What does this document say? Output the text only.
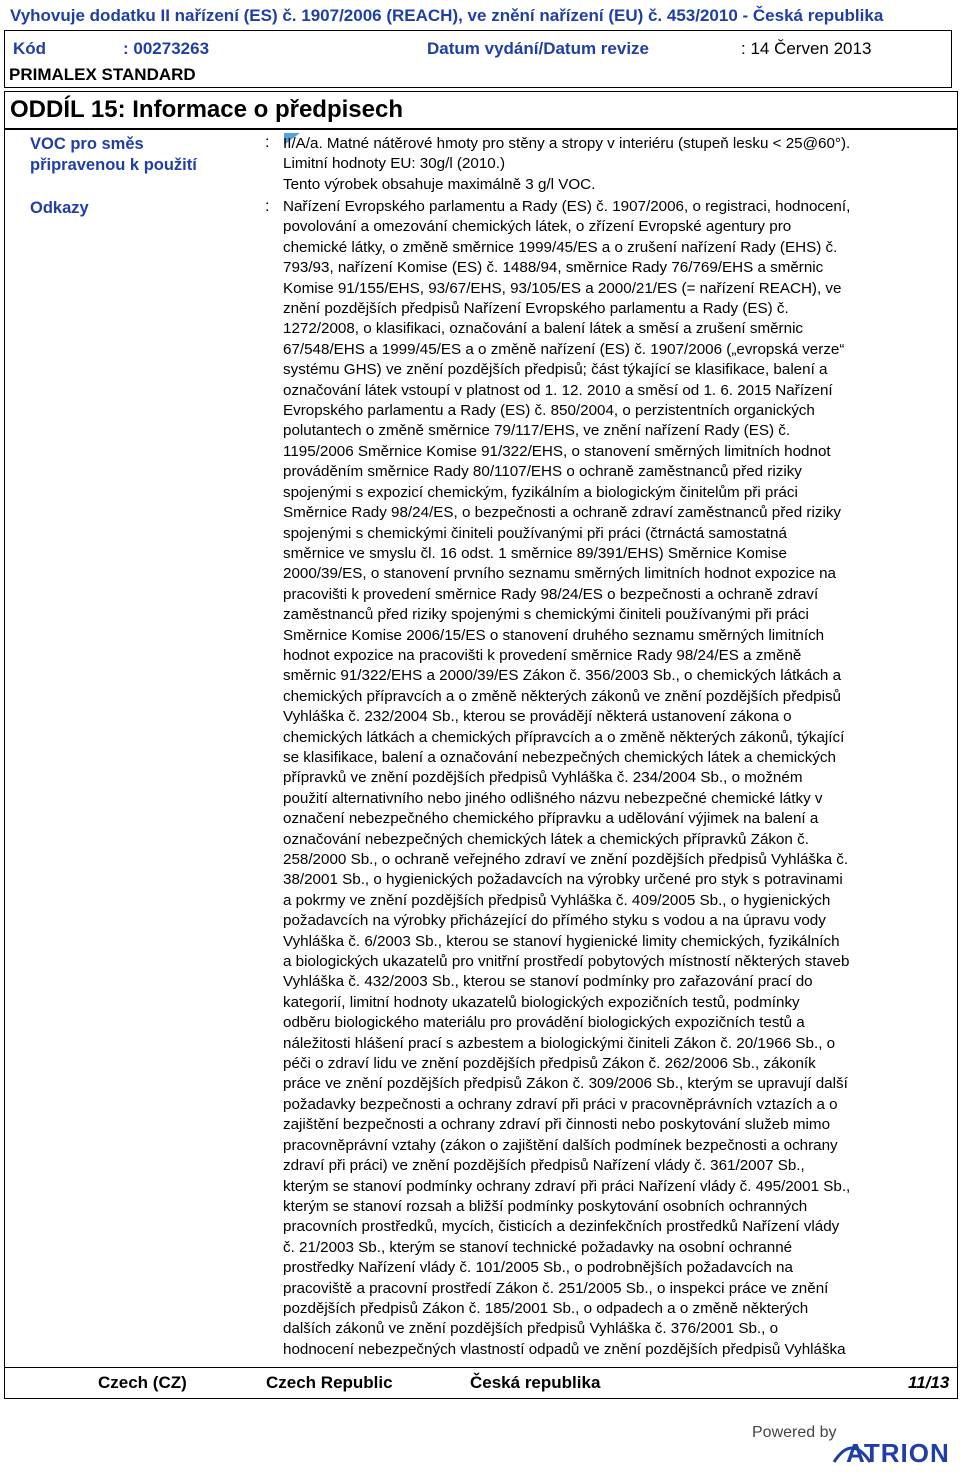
Vyhovuje dodatku II nařízení (ES) č. 1907/2006 (REACH), ve znění nařízení (EU) č. 453/2010 - Česká republika
Kód	: 00273263	Datum vydání/Datum revize	: 14 Červen 2013
PRIMALEX STANDARD
ODDÍL 15: Informace o předpisech
VOC pro směs
připravenou k použití
: II/A/a. Matné nátěrové hmoty pro stěny a stropy v interiéru (stupeň lesku < 25@60°).
Limitní hodnoty EU: 30g/l (2010.)
Tento výrobek obsahuje maximálně 3 g/l VOC.
Odkazy	: Nařízení Evropského parlamentu a Rady (ES) č. 1907/2006, o registraci, hodnocení,
povolování a omezování chemických látek, o zřízení Evropské agentury pro
chemické látky, o změně směrnice 1999/45/ES a o zrušení nařízení Rady (EHS) č.
793/93, nařízení Komise (ES) č. 1488/94, směrnice Rady 76/769/EHS a směrnic
Komise 91/155/EHS, 93/67/EHS, 93/105/ES a 2000/21/ES (= nařízení REACH), ve
znění pozdějších předpisů Nařízení Evropského parlamentu a Rady (ES) č.
1272/2008, o klasifikaci, označování a balení látek a směsí a zrušení směrnic
67/548/EHS a 1999/45/ES a o změně nařízení (ES) č. 1907/2006 („evropská verze“
systému GHS) ve znění pozdějších předpisů; část týkající se klasifikace, balení a
označování látek vstoupí v platnost od 1. 12. 2010 a směsí od 1. 6. 2015 Nařízení
Evropského parlamentu a Rady (ES) č. 850/2004, o perzistentních organických
polutantech o změně směrnice 79/117/EHS, ve znění nařízení Rady (ES) č.
1195/2006 Směrnice Komise 91/322/EHS, o stanovení směrných limitních hodnot
prováděním směrnice Rady 80/1107/EHS o ochraně zaměstnanců před riziky
spojenými s expozicí chemickým, fyzikálním a biologickým činitelům při práci
Směrnice Rady 98/24/ES, o bezpečnosti a ochraně zdraví zaměstnanců před riziky
spojenými s chemickými činiteli používanými při práci (čtrnáctá samostatná
směrnice ve smyslu čl. 16 odst. 1 směrnice 89/391/EHS) Směrnice Komise
2000/39/ES, o stanovení prvního seznamu směrných limitních hodnot expozice na
pracovišti k provedení směrnice Rady 98/24/ES o bezpečnosti a ochraně zdraví
zaměstnanců před riziky spojenými s chemickými činiteli používanými při práci
Směrnice Komise 2006/15/ES o stanovení druhého seznamu směrných limitních
hodnot expozice na pracovišti k provedení směrnice Rady 98/24/ES a změně
směrnic 91/322/EHS a 2000/39/ES Zákon č. 356/2003 Sb., o chemických látkách a
chemických přípravcích a o změně některých zákonů ve znění pozdějších předpisů
Vyhláška č. 232/2004 Sb., kterou se provádějí některá ustanovení zákona o
chemických látkách a chemických přípravcích a o změně některých zákonů, týkající
se klasifikace, balení a označování nebezpečných chemických látek a chemických
přípravků ve znění pozdějších předpisů Vyhláška č. 234/2004 Sb., o možném
použití alternativního nebo jiného odlišného názvu nebezpečné chemické látky v
označení nebezpečného chemického přípravku a udělování výjimek na balení a
označování nebezpečných chemických látek a chemických přípravků Zákon č.
258/2000 Sb., o ochraně veřejného zdraví ve znění pozdějších předpisů Vyhláška č.
38/2001 Sb., o hygienických požadavcích na výrobky určené pro styk s potravinami
a pokrmy ve znění pozdějších předpisů Vyhláška č. 409/2005 Sb., o hygienických
požadavcích na výrobky přicházející do přímého styku s vodou a na úpravu vody
Vyhláška č. 6/2003 Sb., kterou se stanoví hygienické limity chemických, fyzikálních
a biologických ukazatelů pro vnitřní prostředí pobytových místností některých staveb
Vyhláška č. 432/2003 Sb., kterou se stanoví podmínky pro zařazování prací do
kategorií, limitní hodnoty ukazatelů biologických expozičních testů, podmínky
odběru biologického materiálu pro provádění biologických expozičních testů a
náležitosti hlášení prací s azbestem a biologickými činiteli Zákon č. 20/1966 Sb., o
péči o zdraví lidu ve znění pozdějších předpisů Zákon č. 262/2006 Sb., zákoník
práce ve znění pozdějších předpisů Zákon č. 309/2006 Sb., kterým se upravují další
požadavky bezpečnosti a ochrany zdraví při práci v pracovněprávních vztazích a o
zajištění bezpečnosti a ochrany zdraví při činnosti nebo poskytování služeb mimo
pracovněprávní vztahy (zákon o zajištění dalších podmínek bezpečnosti a ochrany
zdraví při práci) ve znění pozdějších předpisů Nařízení vlády č. 361/2007 Sb.,
kterým se stanoví podmínky ochrany zdraví při práci Nařízení vlády č. 495/2001 Sb.,
kterým se stanoví rozsah a bližší podmínky poskytování osobních ochranných
pracovních prostředků, mycích, čisticích a dezinfekčních prostředků Nařízení vlády
č. 21/2003 Sb., kterým se stanoví technické požadavky na osobní ochranné
prostředky Nařízení vlády č. 101/2005 Sb., o podrobnějších požadavcích na
pracoviště a pracovní prostředí Zákon č. 251/2005 Sb., o inspekci práce ve znění
pozdějších předpisů Zákon č. 185/2001 Sb., o odpadech a o změně některých
dalších zákonů ve znění pozdějších předpisů Vyhláška č. 376/2001 Sb., o
hodnocení nebezpečných vlastností odpadů ve znění pozdějších předpisů Vyhláška
Czech (CZ)	Czech Republic	Česká republika	11/13
Powered by
ATRION
